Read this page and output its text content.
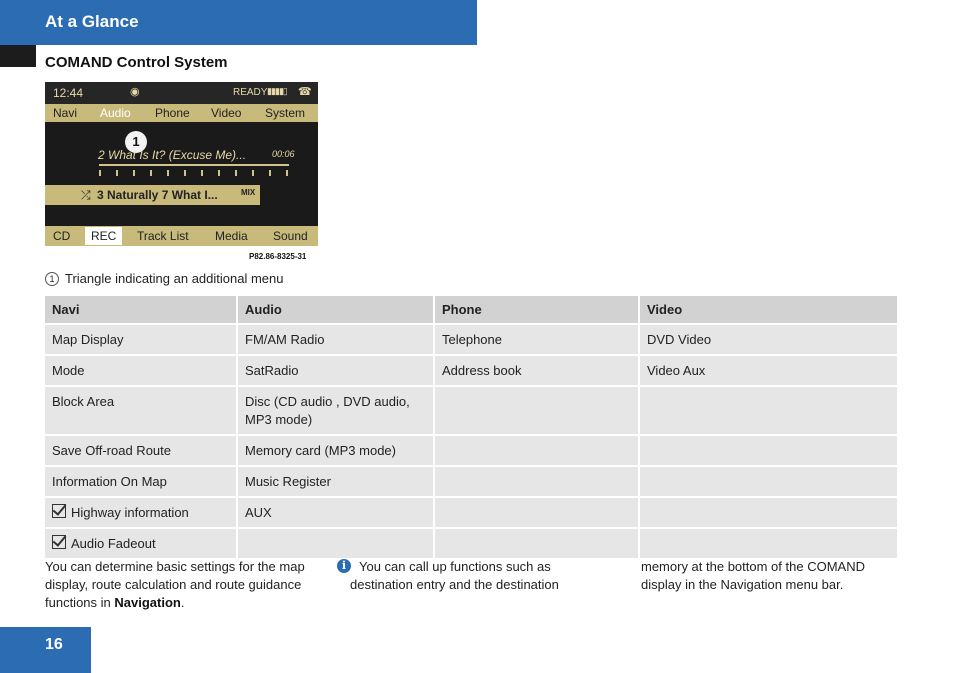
At a Glance
COMAND Control System
12:44	◉	READY ▮▮▮▮▯ ☎
Navi Audio Phone Video System
1
2 What Is It? (Excuse Me)...	00:06
⤮ 3 Naturally 7 What I...	MIX
CD	REC	Track List Media Sound
P82.86-8325-31
1 Triangle indicating an additional menu
Navi	Audio	Phone	Video
Map Display	FM/AM Radio	Telephone	DVD Video
Mode	SatRadio	Address book	Video Aux
Block Area	Disc (CD audio , DVD audio, MP3 mode)		
Save Off-road Route	Memory card (MP3 mode)		
Information On Map	Music Register		
Highway information	AUX		
Audio Fadeout			
You can determine basic settings for the map display, route calculation and route guidance functions in Navigation.
i You can call up functions such as destination entry and the destination
memory at the bottom of the COMAND display in the Navigation menu bar.
16
